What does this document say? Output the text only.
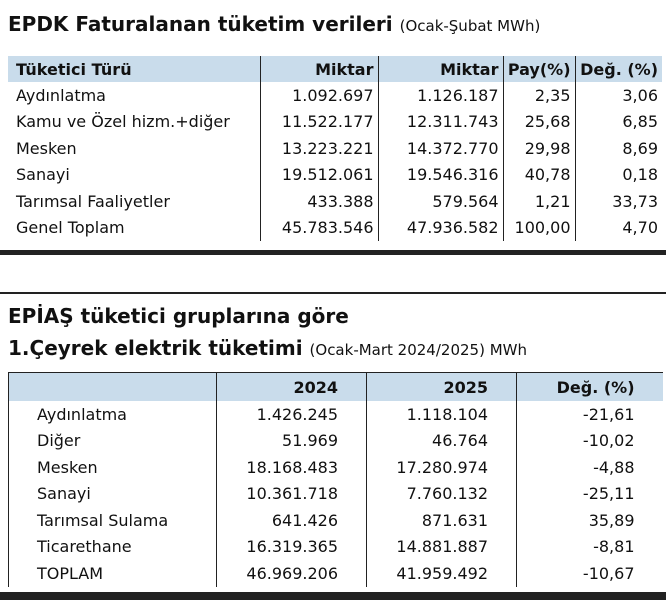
EPDK Faturalanan tüketim verileri (Ocak-Şubat MWh)
Tüketici Türü	Miktar	Miktar	Pay(%)	Değ. (%)
Aydınlatma	1.092.697	1.126.187	2,35	3,06
Kamu ve Özel hizm.+diğer	11.522.177	12.311.743	25,68	6,85
Mesken	13.223.221	14.372.770	29,98	8,69
Sanayi	19.512.061	19.546.316	40,78	0,18
Tarımsal Faaliyetler	433.388	579.564	1,21	33,73
Genel Toplam	45.783.546	47.936.582	100,00	4,70
EPİAŞ tüketici gruplarına göre
1.Çeyrek elektrik tüketimi (Ocak-Mart 2024/2025) MWh
	2024	2025	Değ. (%)
Aydınlatma	1.426.245	1.118.104	-21,61
Diğer	51.969	46.764	-10,02
Mesken	18.168.483	17.280.974	-4,88
Sanayi	10.361.718	7.760.132	-25,11
Tarımsal Sulama	641.426	871.631	35,89
Ticarethane	16.319.365	14.881.887	-8,81
TOPLAM	46.969.206	41.959.492	-10,67
